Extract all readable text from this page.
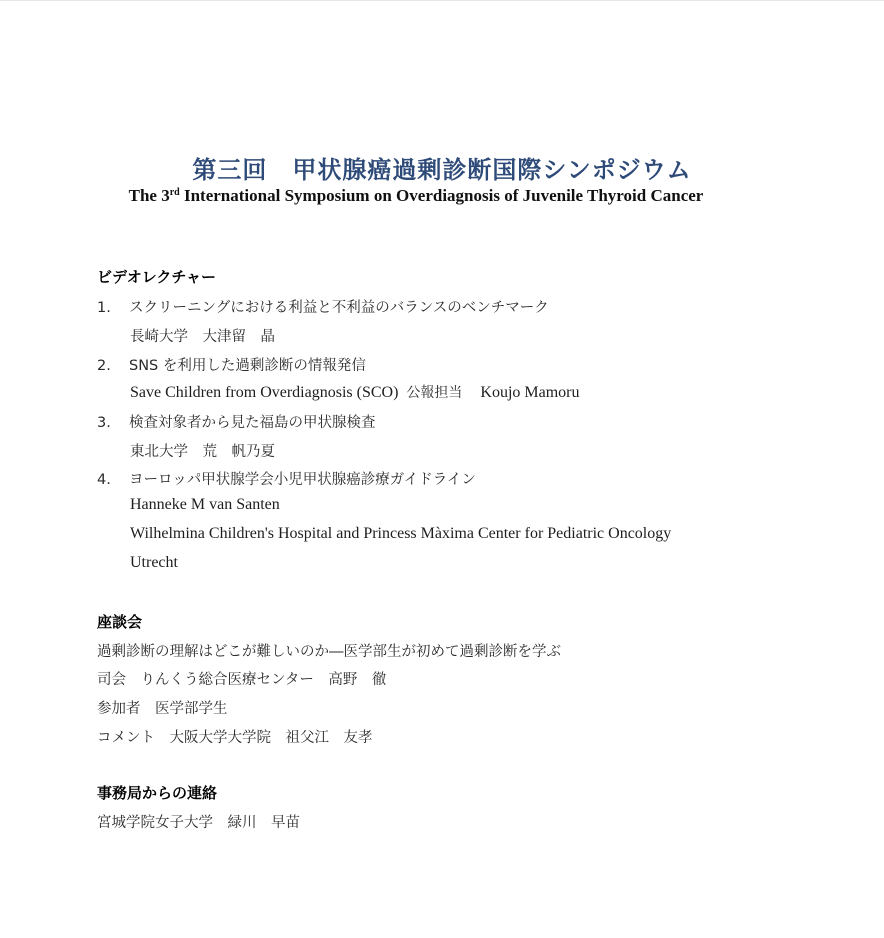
第三回　甲状腺癌過剰診断国際シンポジウム
The 3rd International Symposium on Overdiagnosis of Juvenile Thyroid Cancer
ビデオレクチャー
1. スクリーニングにおける利益と不利益のバランスのベンチマーク
長崎大学　大津留　晶
2. SNS を利用した過剰診断の情報発信
Save Children from Overdiagnosis (SCO) 公報担当 Koujo Mamoru
3. 検査対象者から見た福島の甲状腺検査
東北大学　荒　帆乃夏
4. ヨーロッパ甲状腺学会小児甲状腺癌診療ガイドライン
Hanneke M van Santen
Wilhelmina Children's Hospital and Princess Màxima Center for Pediatric Oncology
Utrecht
座談会
過剰診断の理解はどこが難しいのか―医学部生が初めて過剰診断を学ぶ
司会　りんくう総合医療センター　高野　徹
参加者　医学部学生
コメント　大阪大学大学院　祖父江　友孝
事務局からの連絡
宮城学院女子大学　緑川　早苗
